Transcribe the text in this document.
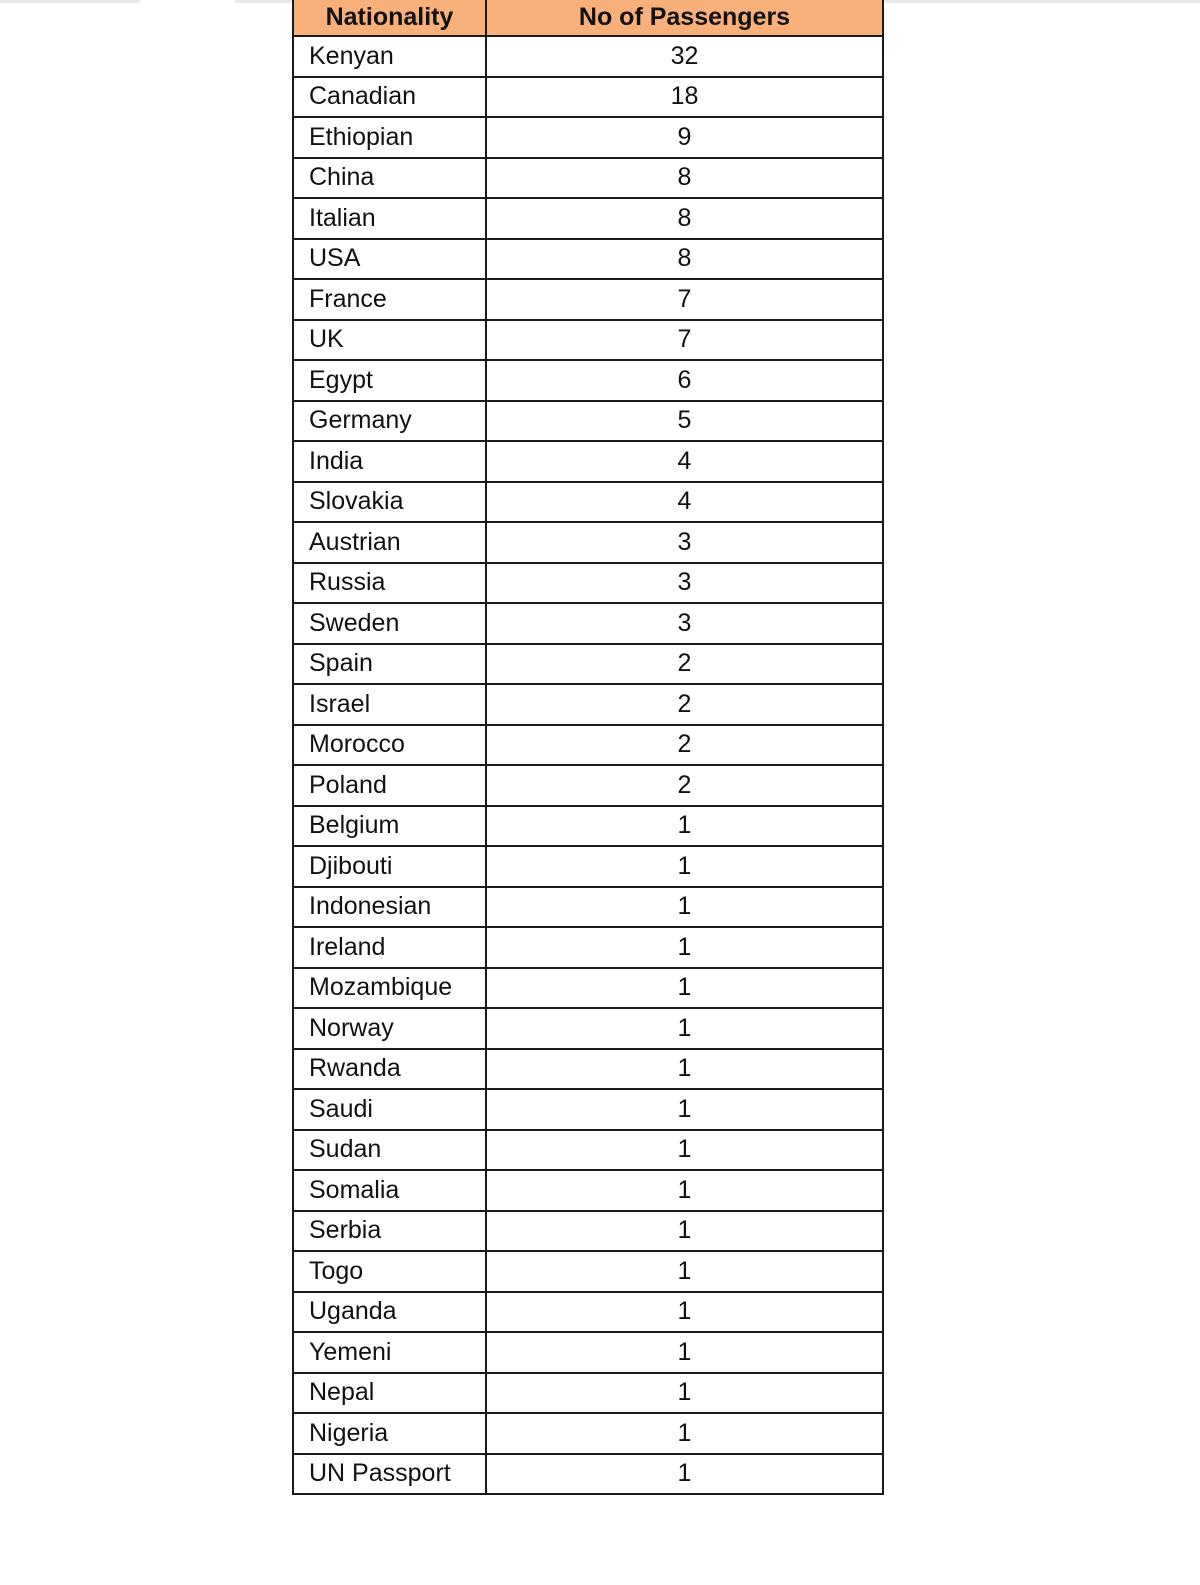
Nationality	No of Passengers
Kenyan	32
Canadian	18
Ethiopian	9
China	8
Italian	8
USA	8
France	7
UK	7
Egypt	6
Germany	5
India	4
Slovakia	4
Austrian	3
Russia	3
Sweden	3
Spain	2
Israel	2
Morocco	2
Poland	2
Belgium	1
Djibouti	1
Indonesian	1
Ireland	1
Mozambique	1
Norway	1
Rwanda	1
Saudi	1
Sudan	1
Somalia	1
Serbia	1
Togo	1
Uganda	1
Yemeni	1
Nepal	1
Nigeria	1
UN Passport	1
